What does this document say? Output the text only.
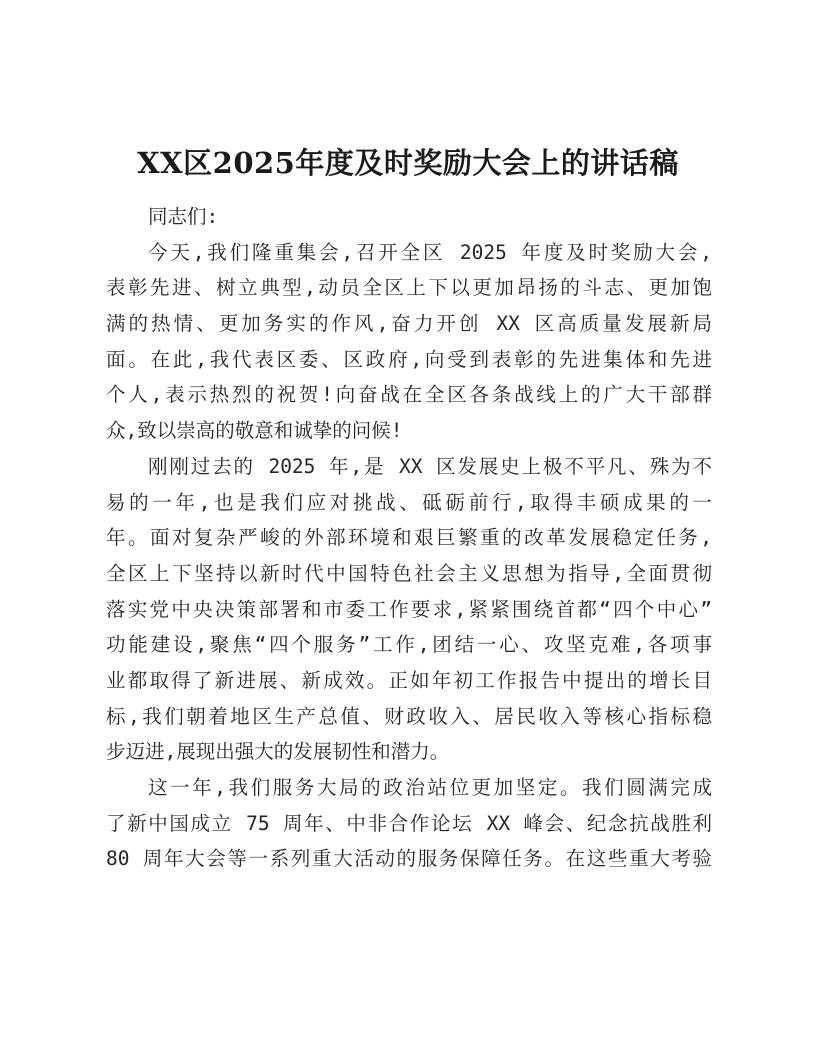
XX区2025年度及时奖励大会上的讲话稿

同志们:

今天,我们隆重集会,召开全区 2025 年度及时奖励大会,
表彰先进、树立典型,动员全区上下以更加昂扬的斗志、更加饱
满的热情、更加务实的作风,奋力开创 XX 区高质量发展新局
面。在此,我代表区委、区政府,向受到表彰的先进集体和先进
个人,表示热烈的祝贺!向奋战在全区各条战线上的广大干部群
众,致以崇高的敬意和诚挚的问候!
刚刚过去的 2025 年,是 XX 区发展史上极不平凡、殊为不
易的一年,也是我们应对挑战、砥砺前行,取得丰硕成果的一
年。面对复杂严峻的外部环境和艰巨繁重的改革发展稳定任务,
全区上下坚持以新时代中国特色社会主义思想为指导,全面贯彻
落实党中央决策部署和市委工作要求,紧紧围绕首都“四个中心”
功能建设,聚焦“四个服务”工作,团结一心、攻坚克难,各项事
业都取得了新进展、新成效。正如年初工作报告中提出的增长目
标,我们朝着地区生产总值、财政收入、居民收入等核心指标稳
步迈进,展现出强大的发展韧性和潜力。
这一年,我们服务大局的政治站位更加坚定。我们圆满完成
了新中国成立 75 周年、中非合作论坛 XX 峰会、纪念抗战胜利
80 周年大会等一系列重大活动的服务保障任务。在这些重大考验
